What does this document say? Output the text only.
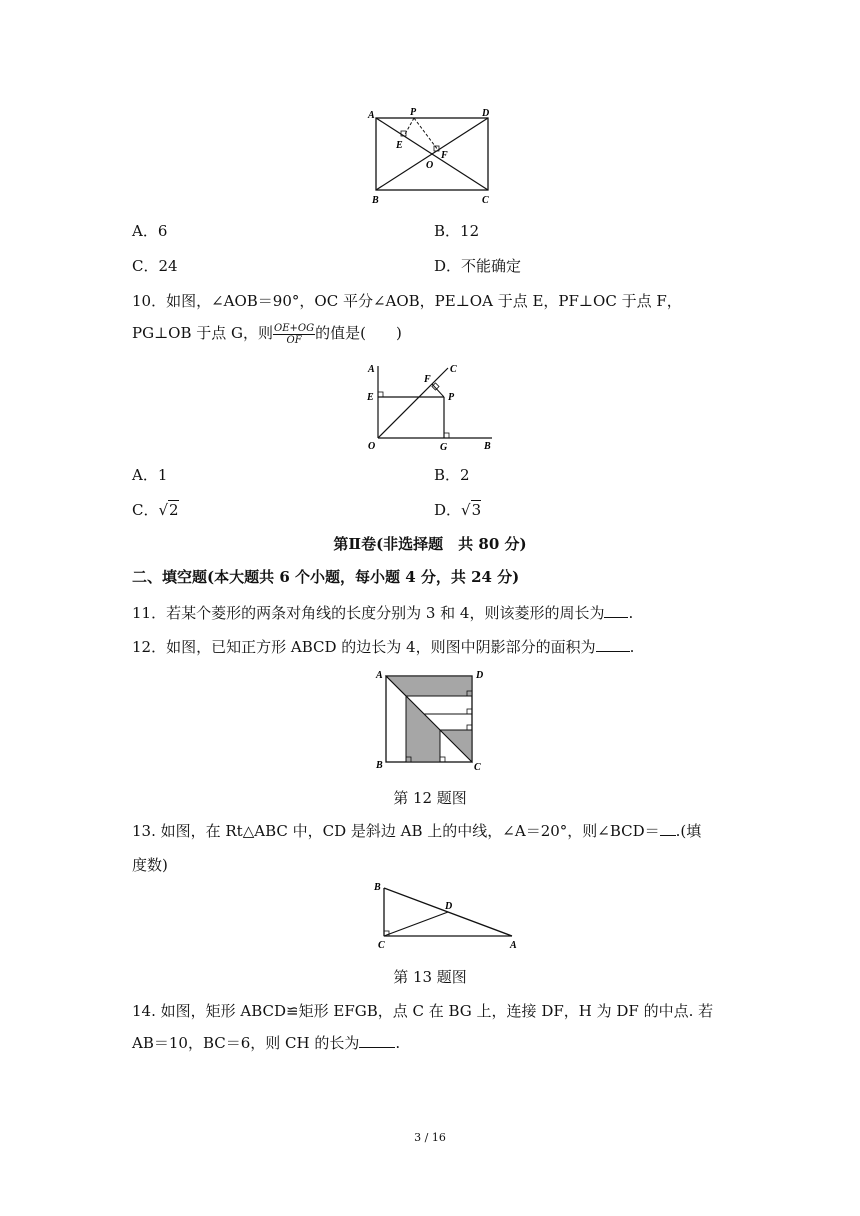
A	P	D
E
O
F
B	C
A．6	B．12
C．24	D．不能确定
10．如图，∠AOB＝90°，OC 平分∠AOB，PE⊥OA 于点 E，PF⊥OC 于点 F，
PG⊥OB 于点 G，则 $\frac{OE+OG}{OF}$ 的值是(　　)
A	C
F
E	P
O	G	B
A．1	B．2
C．√2	D．√3
第Ⅱ卷(非选择题　共 80 分)
二、填空题(本大题共 6 个小题，每小题 4 分，共 24 分)
11．若某个菱形的两条对角线的长度分别为 3 和 4，则该菱形的周长为 .
12．如图，已知正方形 ABCD 的边长为 4，则图中阴影部分的面积为 .
A	D
B	C
第 12 题图
13. 如图，在 Rt△ABC 中，CD 是斜边 AB 上的中线，∠A＝20°，则∠BCD＝ .(填
度数)
B
D
C	A
第 13 题图
14. 如图，矩形 ABCD≌矩形 EFGB，点 C 在 BG 上，连接 DF，H 为 DF 的中点. 若
AB＝10，BC＝6，则 CH 的长为 .
3 / 16
